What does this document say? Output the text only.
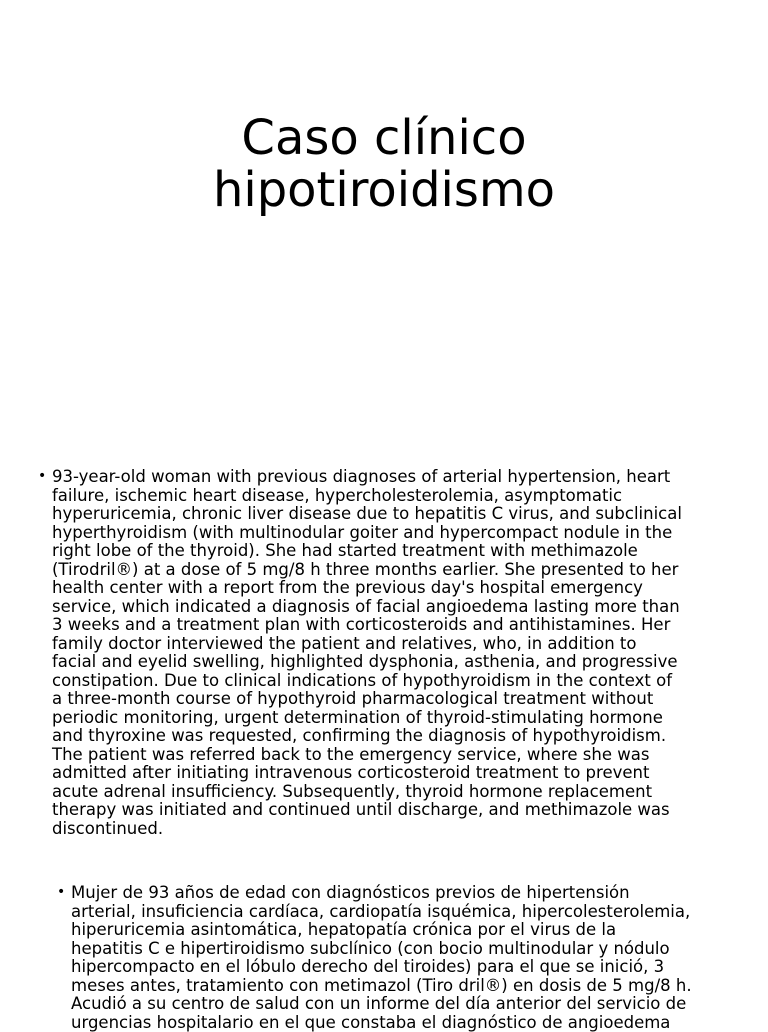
Caso clínico
hipotiroidismo
• 93-year-old woman with previous diagnoses of arterial hypertension, heart
failure, ischemic heart disease, hypercholesterolemia, asymptomatic
hyperuricemia, chronic liver disease due to hepatitis C virus, and subclinical
hyperthyroidism (with multinodular goiter and hypercompact nodule in the
right lobe of the thyroid). She had started treatment with methimazole
(Tirodril®) at a dose of 5 mg/8 h three months earlier. She presented to her
health center with a report from the previous day's hospital emergency
service, which indicated a diagnosis of facial angioedema lasting more than
3 weeks and a treatment plan with corticosteroids and antihistamines. Her
family doctor interviewed the patient and relatives, who, in addition to
facial and eyelid swelling, highlighted dysphonia, asthenia, and progressive
constipation. Due to clinical indications of hypothyroidism in the context of
a three-month course of hypothyroid pharmacological treatment without
periodic monitoring, urgent determination of thyroid-stimulating hormone
and thyroxine was requested, confirming the diagnosis of hypothyroidism.
The patient was referred back to the emergency service, where she was
admitted after initiating intravenous corticosteroid treatment to prevent
acute adrenal insufficiency. Subsequently, thyroid hormone replacement
therapy was initiated and continued until discharge, and methimazole was
discontinued.
• Mujer de 93 años de edad con diagnósticos previos de hipertensión
arterial, insuficiencia cardíaca, cardiopatía isquémica, hipercolesterolemia,
hiperuricemia asintomática, hepatopatía crónica por el virus de la
hepatitis C e hipertiroidismo subclínico (con bocio multinodular y nódulo
hipercompacto en el lóbulo derecho del tiroides) para el que se inició, 3
meses antes, tratamiento con metimazol (Tiro dril®) en dosis de 5 mg/8 h.
Acudió a su centro de salud con un informe del día anterior del servicio de
urgencias hospitalario en el que constaba el diagnóstico de angioedema
